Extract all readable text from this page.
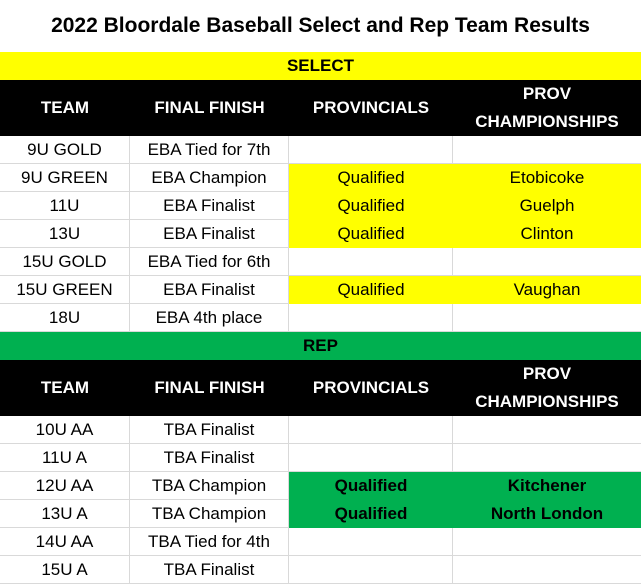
2022 Bloordale Baseball Select and Rep Team Results
SELECT
TEAM	FINAL FINISH	PROVINCIALS
PROV
CHAMPIONSHIPS
9U GOLD	EBA Tied for 7th
9U GREEN	EBA Champion	Qualified	Etobicoke
11U	EBA Finalist	Qualified	Guelph
13U	EBA Finalist	Qualified	Clinton
15U GOLD	EBA Tied for 6th
15U GREEN	EBA Finalist	Qualified	Vaughan
18U	EBA 4th place
REP
TEAM	FINAL FINISH	PROVINCIALS
PROV
CHAMPIONSHIPS
10U AA	TBA Finalist
11U A	TBA Finalist
12U AA	TBA Champion	Qualified	Kitchener
13U A	TBA Champion	Qualified	North London
14U AA	TBA Tied for 4th
15U A	TBA Finalist
